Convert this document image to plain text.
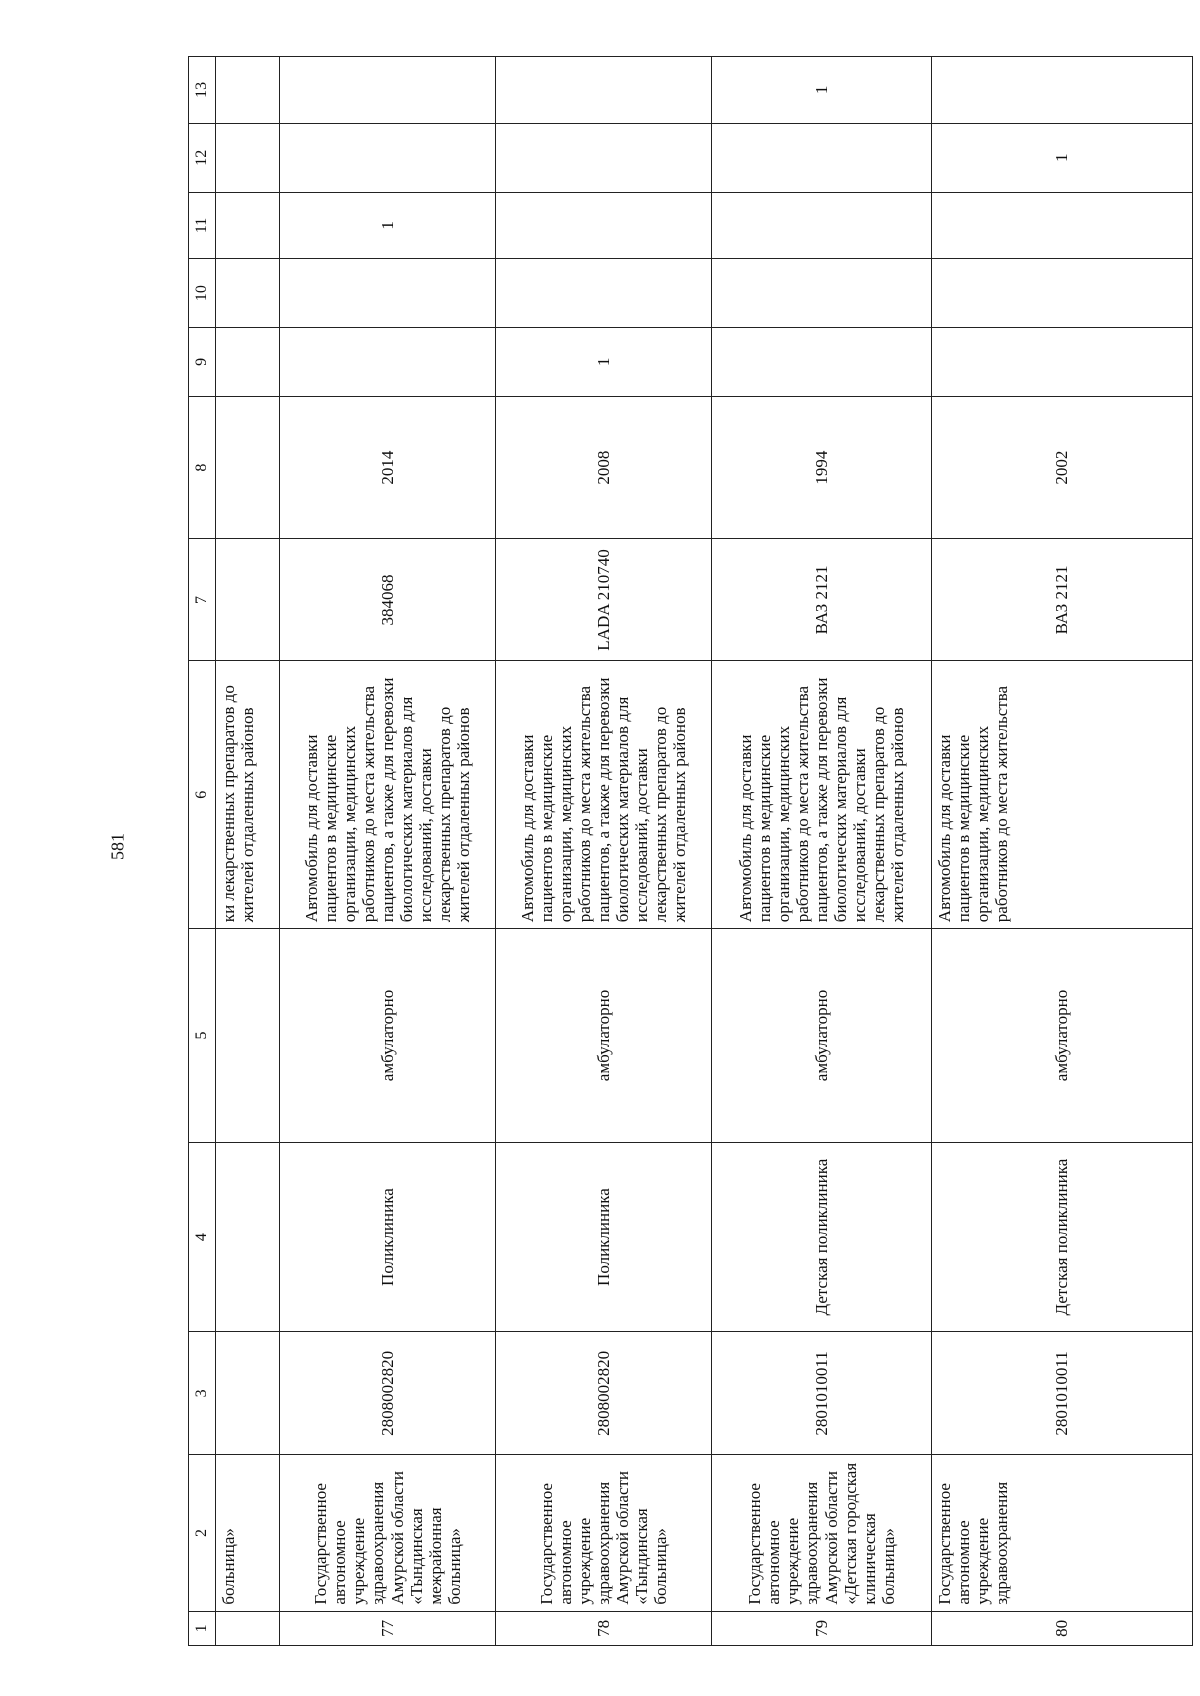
581
1	2	3	4	5	6	7	8	9	10	11	12	13
	больница»				ки лекарственных препаратов до жителей отдаленных районов							
77	Государственное автономное учреждение здравоохранения Амурской области «Тындинская межрайонная больница»	2808002820	Поликлиника	амбулаторно	Автомобиль для доставки пациентов в медицинские организации, медицинских работников до места жительства пациентов, а также для перевозки биологических материалов для исследований, доставки лекарственных препаратов до жителей отдаленных районов	384068	2014			1		
78	Государственное автономное учреждение здравоохранения Амурской области «Тындинская больница»	2808002820	Поликлиника	амбулаторно	Автомобиль для доставки пациентов в медицинские организации, медицинских работников до места жительства пациентов, а также для перевозки биологических материалов для исследований, доставки лекарственных препаратов до жителей отдаленных районов	LADA 210740	2008	1				
79	Государственное автономное учреждение здравоохранения Амурской области «Детская городская клиническая больница»	2801010011	Детская поликлиника	амбулаторно	Автомобиль для доставки пациентов в медицинские организации, медицинских работников до места жительства пациентов, а также для перевозки биологических материалов для исследований, доставки лекарственных препаратов до жителей отдаленных районов	ВАЗ 2121	1994					1
80	Государственное автономное учреждение здравоохранения	2801010011	Детская поликлиника	амбулаторно	Автомобиль для доставки пациентов в медицинские организации, медицинских работников до места жительства	ВАЗ 2121	2002				1	
